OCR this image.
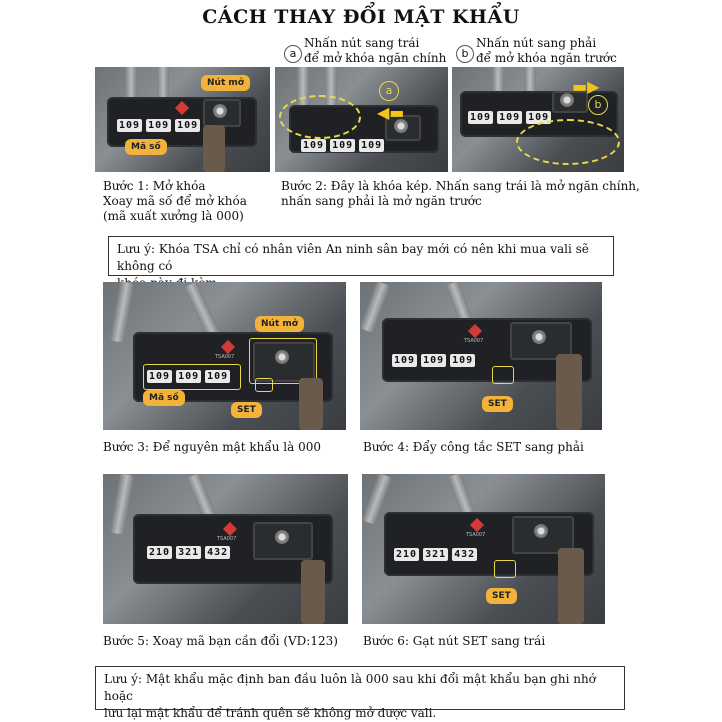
CÁCH THAY ĐỔI MẬT KHẨU
a
Nhấn nút sang trái
để mở khóa ngăn chính	b
Nhấn nút sang phải
để mở khóa ngăn trước
109 109 109
Nút mở
Mã số	109 109 109
a
◀▬	109 109 109
▬▶
b
Bước 1: Mở khóa
Xoay mã số để mở khóa
(mã xuất xưởng là 000)
Bước 2: Đây là khóa kép. Nhấn sang trái là mở ngăn chính,
nhấn sang phải là mở ngăn trước
Lưu ý: Khóa TSA chỉ có nhân viên An ninh sân bay mới có nên khi mua vali sẽ không có
TSA007
109 109 109
Nút mở
Mã số
SET
TSA007
109 109 109
SET
Bước 3: Để nguyên mật khẩu là 000	Bước 4: Đẩy công tắc SET sang phải
TSA007
210 321 432
TSA007
210 321 432
SET
Bước 5: Xoay mã bạn cần đổi (VD:123) Bước 6: Gạt nút SET sang trái
Lưu ý: Mật khẩu mặc định ban đầu luôn là 000 sau khi đổi mật khẩu bạn ghi nhớ hoặc
lưu lại mật khẩu để tránh quên sẽ không mở được vali.
